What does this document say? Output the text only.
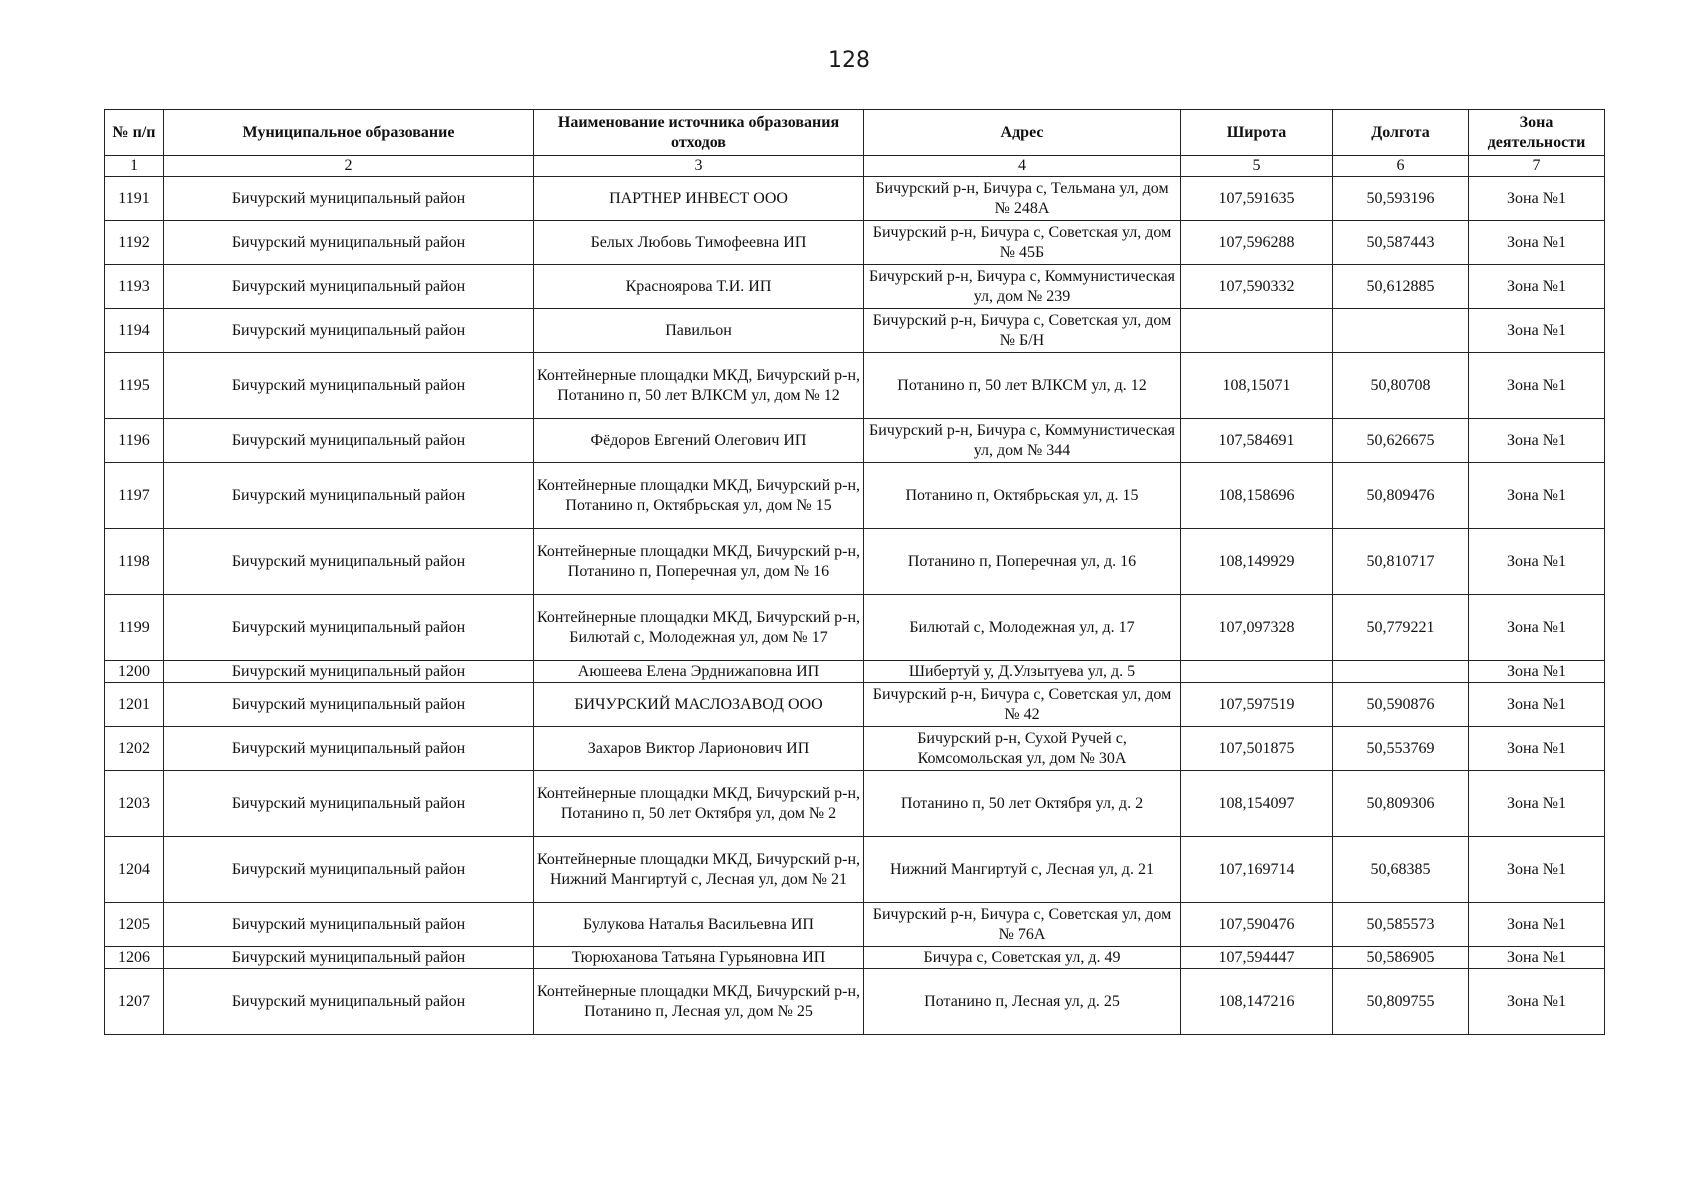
128
№ п/п	Муниципальное образование	Наименование источника образования отходов	Адрес	Широта	Долгота	Зона деятельности
1	2	3	4	5	6	7
1191	Бичурский муниципальный район	ПАРТНЕР ИНВЕСТ ООО	Бичурский р-н, Бичура с, Тельмана ул, дом № 248А	107,591635	50,593196	Зона №1
1192	Бичурский муниципальный район	Белых Любовь Тимофеевна ИП	Бичурский р-н, Бичура с, Советская ул, дом № 45Б	107,596288	50,587443	Зона №1
1193	Бичурский муниципальный район	Красноярова Т.И. ИП	Бичурский р-н, Бичура с, Коммунистическая ул, дом № 239	107,590332	50,612885	Зона №1
1194	Бичурский муниципальный район	Павильон	Бичурский р-н, Бичура с, Советская ул, дом № Б/Н			Зона №1
1195	Бичурский муниципальный район	Контейнерные площадки МКД, Бичурский р-н, Потанино п, 50 лет ВЛКСМ ул, дом № 12	Потанино п, 50 лет ВЛКСМ ул, д. 12	108,15071	50,80708	Зона №1
1196	Бичурский муниципальный район	Фёдоров Евгений Олегович ИП	Бичурский р-н, Бичура с, Коммунистическая ул, дом № 344	107,584691	50,626675	Зона №1
1197	Бичурский муниципальный район	Контейнерные площадки МКД, Бичурский р-н, Потанино п, Октябрьская ул, дом № 15	Потанино п, Октябрьская ул, д. 15	108,158696	50,809476	Зона №1
1198	Бичурский муниципальный район	Контейнерные площадки МКД, Бичурский р-н, Потанино п, Поперечная ул, дом № 16	Потанино п, Поперечная ул, д. 16	108,149929	50,810717	Зона №1
1199	Бичурский муниципальный район	Контейнерные площадки МКД, Бичурский р-н, Билютай с, Молодежная ул, дом № 17	Билютай с, Молодежная ул, д. 17	107,097328	50,779221	Зона №1
1200	Бичурский муниципальный район	Аюшеева Елена Эрднижаповна ИП	Шибертуй у, Д.Улзытуева ул, д. 5			Зона №1
1201	Бичурский муниципальный район	БИЧУРСКИЙ МАСЛОЗАВОД ООО	Бичурский р-н, Бичура с, Советская ул, дом № 42	107,597519	50,590876	Зона №1
1202	Бичурский муниципальный район	Захаров Виктор Ларионович ИП	Бичурский р-н, Сухой Ручей с, Комсомольская ул, дом № 30А	107,501875	50,553769	Зона №1
1203	Бичурский муниципальный район	Контейнерные площадки МКД, Бичурский р-н, Потанино п, 50 лет Октября ул, дом № 2	Потанино п, 50 лет Октября ул, д. 2	108,154097	50,809306	Зона №1
1204	Бичурский муниципальный район	Контейнерные площадки МКД, Бичурский р-н, Нижний Мангиртуй с, Лесная ул, дом № 21	Нижний Мангиртуй с, Лесная ул, д. 21	107,169714	50,68385	Зона №1
1205	Бичурский муниципальный район	Булукова Наталья Васильевна ИП	Бичурский р-н, Бичура с, Советская ул, дом № 76А	107,590476	50,585573	Зона №1
1206	Бичурский муниципальный район	Тюрюханова Татьяна Гурьяновна ИП	Бичура с, Советская ул, д. 49	107,594447	50,586905	Зона №1
1207	Бичурский муниципальный район	Контейнерные площадки МКД, Бичурский р-н, Потанино п, Лесная ул, дом № 25	Потанино п, Лесная ул, д. 25	108,147216	50,809755	Зона №1
